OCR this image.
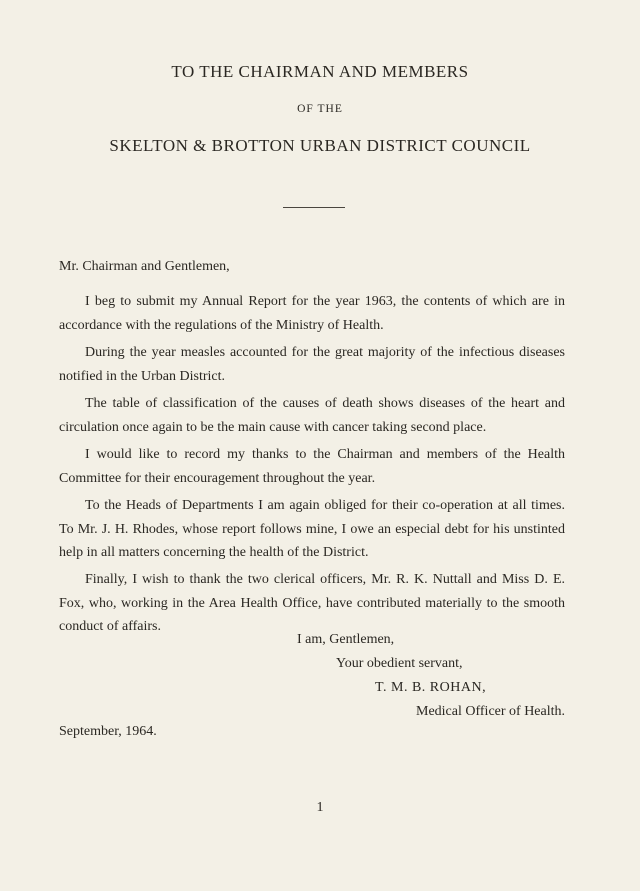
TO THE CHAIRMAN AND MEMBERS
OF THE
SKELTON & BROTTON URBAN DISTRICT COUNCIL

Mr. Chairman and Gentlemen,

I beg to submit my Annual Report for the year 1963, the contents of which are in accordance with the regulations of the Ministry of Health.

During the year measles accounted for the great majority of the infectious diseases notified in the Urban District.

The table of classification of the causes of death shows diseases of the heart and circulation once again to be the main cause with cancer taking second place.

I would like to record my thanks to the Chairman and members of the Health Committee for their encouragement throughout the year.

To the Heads of Departments I am again obliged for their co-operation at all times. To Mr. J. H. Rhodes, whose report follows mine, I owe an especial debt for his unstinted help in all matters concerning the health of the District.

Finally, I wish to thank the two clerical officers, Mr. R. K. Nuttall and Miss D. E. Fox, who, working in the Area Health Office, have contributed materially to the smooth conduct of affairs.

I am, Gentlemen,
Your obedient servant,
T. M. B. ROHAN,
Medical Officer of Health.
September, 1964.
1
